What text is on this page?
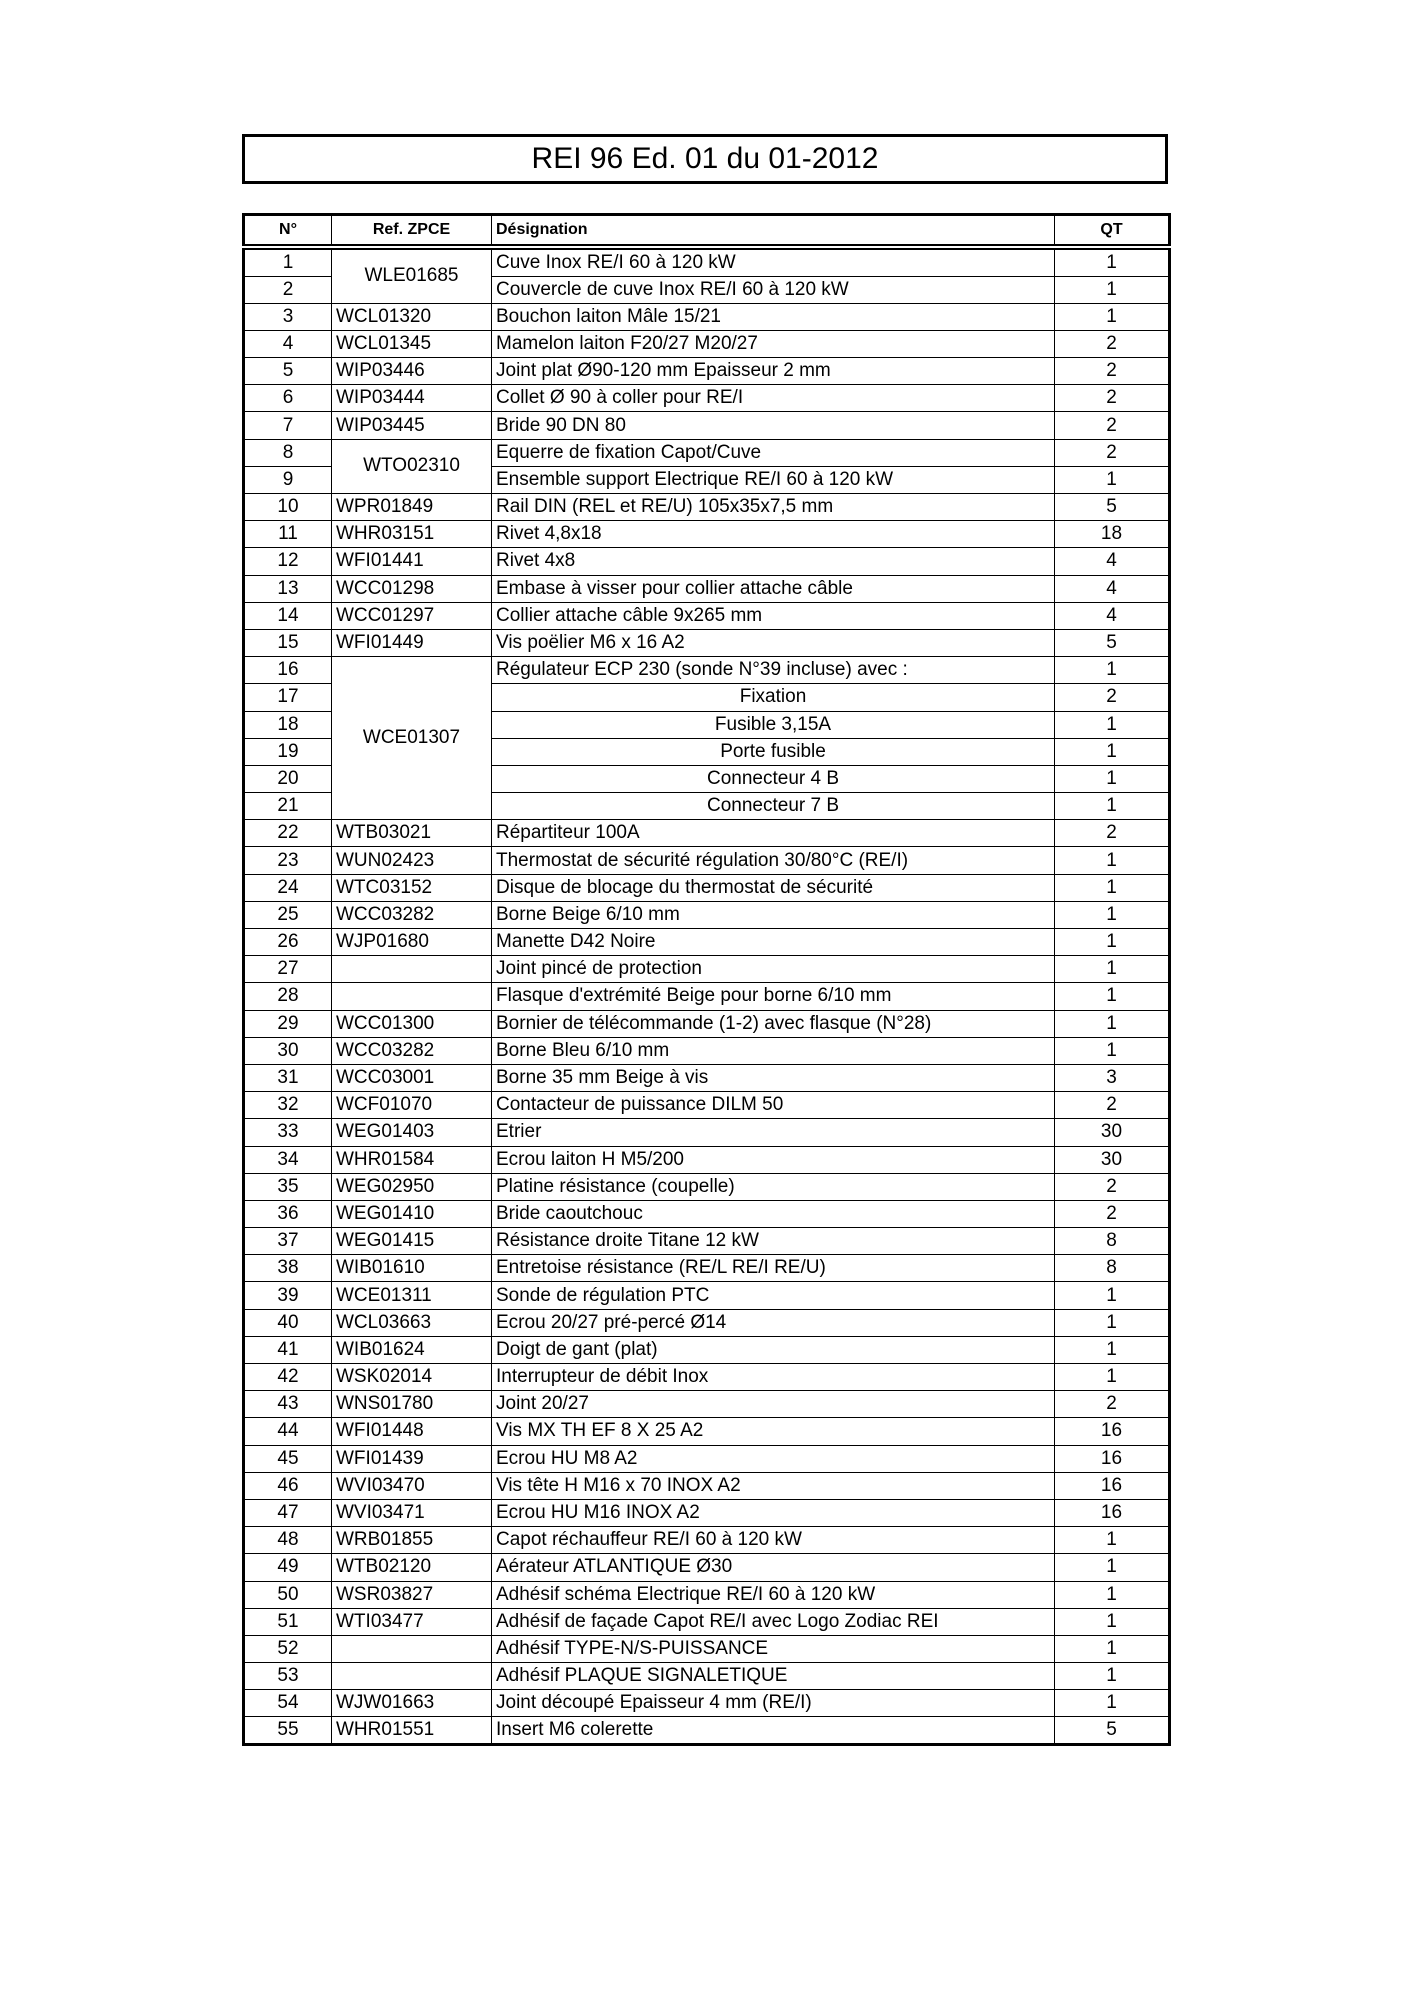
REI 96 Ed. 01 du 01-2012
N°	Ref. ZPCE	Désignation	QT
1	WLE01685	Cuve Inox RE/I 60 à 120 kW	1
2		Couvercle de cuve Inox RE/I 60 à 120 kW	1
3	WCL01320	Bouchon laiton Mâle 15/21	1
4	WCL01345	Mamelon laiton F20/27 M20/27	2
5	WIP03446	Joint plat Ø90-120 mm Epaisseur 2 mm	2
6	WIP03444	Collet Ø 90 à coller pour RE/I	2
7	WIP03445	Bride 90 DN 80	2
8	WTO02310	Equerre de fixation Capot/Cuve	2
9		Ensemble support Electrique RE/I 60 à 120 kW	1
10	WPR01849	Rail DIN (REL et RE/U) 105x35x7,5 mm	5
11	WHR03151	Rivet 4,8x18	18
12	WFI01441	Rivet 4x8	4
13	WCC01298	Embase à visser pour collier attache câble	4
14	WCC01297	Collier attache câble 9x265 mm	4
15	WFI01449	Vis poëlier M6 x 16 A2	5
16	WCE01307	Régulateur ECP 230 (sonde N°39 incluse) avec :	1
17		Fixation	2
18		Fusible 3,15A	1
19		Porte fusible	1
20		Connecteur 4 B	1
21		Connecteur 7 B	1
22	WTB03021	Répartiteur 100A	2
23	WUN02423	Thermostat de sécurité régulation 30/80°C (RE/I)	1
24	WTC03152	Disque de blocage du thermostat de sécurité	1
25	WCC03282	Borne Beige 6/10 mm	1
26	WJP01680	Manette D42 Noire	1
27		Joint pincé de protection	1
28		Flasque d'extrémité Beige pour borne 6/10 mm	1
29	WCC01300	Bornier de télécommande (1-2) avec flasque (N°28)	1
30	WCC03282	Borne Bleu 6/10 mm	1
31	WCC03001	Borne 35 mm Beige à vis	3
32	WCF01070	Contacteur de puissance DILM 50	2
33	WEG01403	Etrier	30
34	WHR01584	Ecrou laiton H M5/200	30
35	WEG02950	Platine résistance (coupelle)	2
36	WEG01410	Bride caoutchouc	2
37	WEG01415	Résistance droite Titane 12 kW	8
38	WIB01610	Entretoise résistance (RE/L RE/I RE/U)	8
39	WCE01311	Sonde de régulation PTC	1
40	WCL03663	Ecrou 20/27 pré-percé Ø14	1
41	WIB01624	Doigt de gant (plat)	1
42	WSK02014	Interrupteur de débit Inox	1
43	WNS01780	Joint 20/27	2
44	WFI01448	Vis MX TH EF 8 X 25 A2	16
45	WFI01439	Ecrou HU M8 A2	16
46	WVI03470	Vis tête H M16 x 70 INOX A2	16
47	WVI03471	Ecrou HU M16 INOX A2	16
48	WRB01855	Capot réchauffeur RE/I 60 à 120 kW	1
49	WTB02120	Aérateur ATLANTIQUE Ø30	1
50	WSR03827	Adhésif schéma Electrique RE/I 60 à 120 kW	1
51	WTI03477	Adhésif de façade Capot RE/I avec Logo Zodiac REI	1
52		Adhésif TYPE-N/S-PUISSANCE	1
53		Adhésif PLAQUE SIGNALETIQUE	1
54	WJW01663	Joint découpé Epaisseur 4 mm (RE/I)	1
55	WHR01551	Insert M6 colerette	5
